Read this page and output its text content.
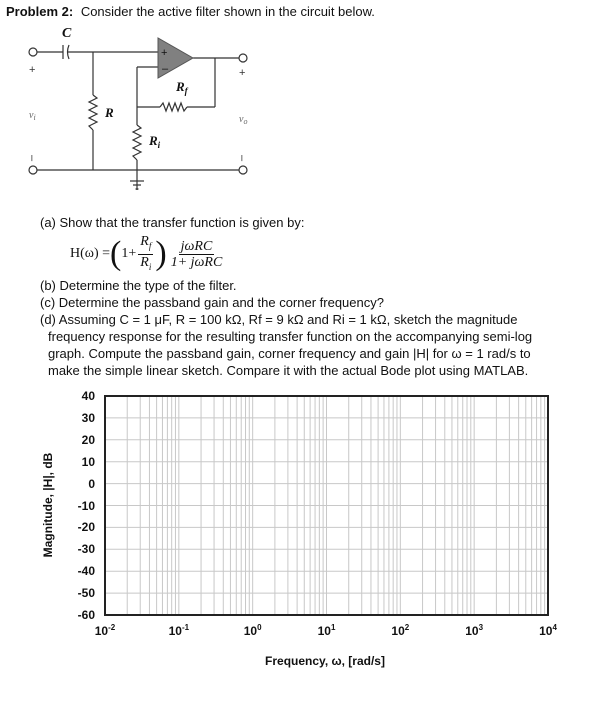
Problem 2: Consider the active filter shown in the circuit below.
+
–
C
R
$R_f$
$R_i$
$v_i$	$v_o$
+	+
–	–
(a) Show that the transfer function is given by:
H(ω) = ( $1+ \frac{R_f}{R_i}$ ) $\frac{\text{jωRC}}{\text{1+ jωRC}}$
(b) Determine the type of the filter.
(c) Determine the passband gain and the corner frequency?
(d) Assuming C = 1 μF, R = 100 kΩ, Rf = 9 kΩ and Ri = 1 kΩ, sketch the magnitude
frequency response for the resulting transfer function on the accompanying semi-log
graph. Compute the passband gain, corner frequency and gain |H| for ω = 1 rad/s to
make the simple linear sketch. Compare it with the actual Bode plot using MATLAB.
40
30
20
10
0
-10
-20
-30
-40
-50
-60
$10^{-2}$	$10^{-1}$	$10^0$	$10^1$	$10^2$	$10^3$	$10^4$
Magnitude, |H|, dB
Frequency, ω, [rad/s]
